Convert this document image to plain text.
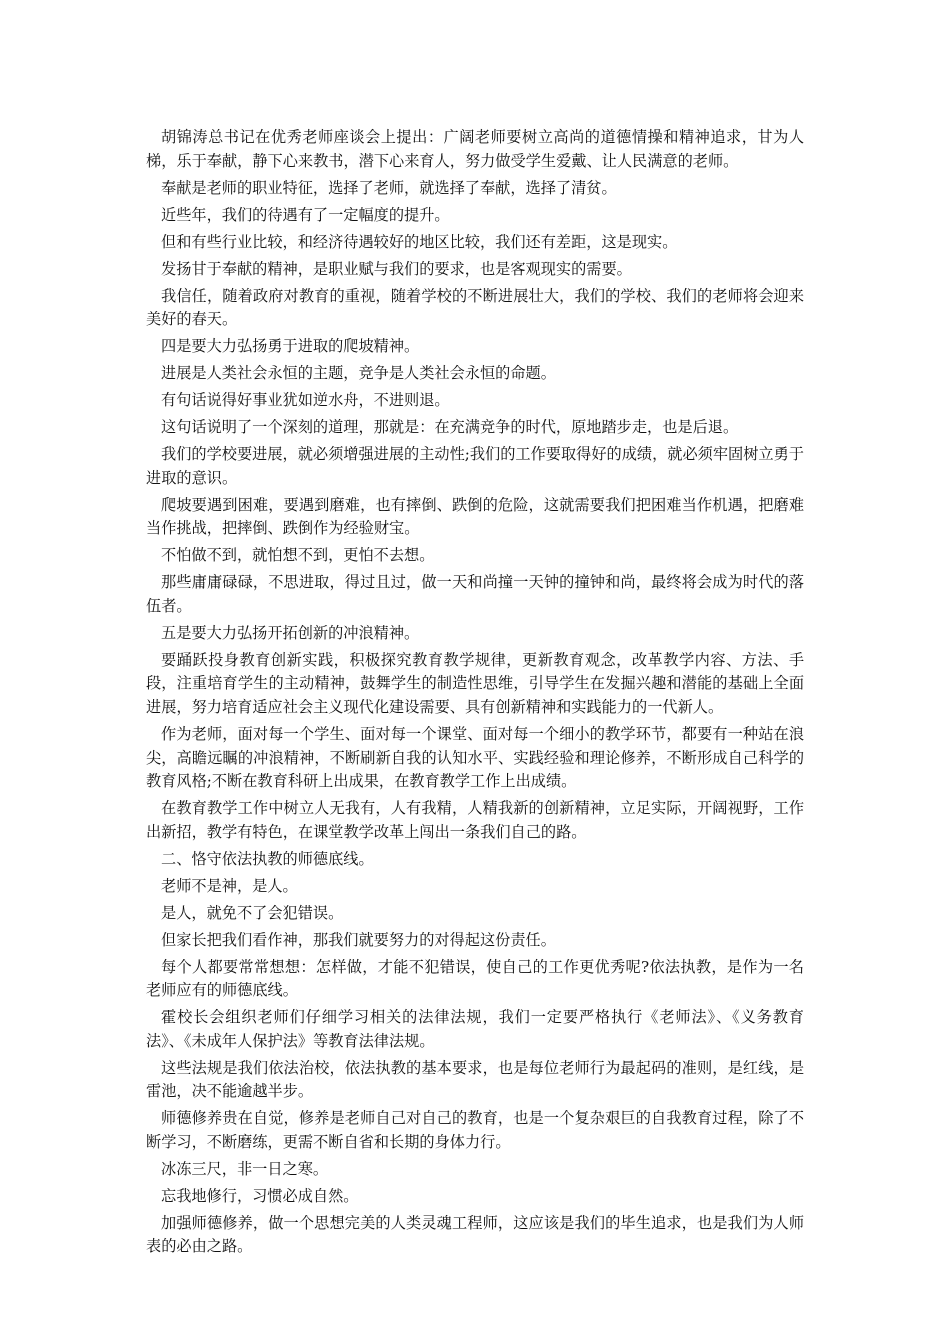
胡锦涛总书记在优秀老师座谈会上提出：广阔老师要树立高尚的道德情操和精神追求，甘为人梯，乐于奉献，静下心来教书，潜下心来育人，努力做受学生爱戴、让人民满意的老师。

奉献是老师的职业特征，选择了老师，就选择了奉献，选择了清贫。

近些年，我们的待遇有了一定幅度的提升。

但和有些行业比较，和经济待遇较好的地区比较，我们还有差距，这是现实。

发扬甘于奉献的精神，是职业赋与我们的要求，也是客观现实的需要。

我信任，随着政府对教育的重视，随着学校的不断进展壮大，我们的学校、我们的老师将会迎来美好的春天。

四是要大力弘扬勇于进取的爬坡精神。

进展是人类社会永恒的主题，竞争是人类社会永恒的命题。

有句话说得好事业犹如逆水舟，不进则退。

这句话说明了一个深刻的道理，那就是：在充满竞争的时代，原地踏步走，也是后退。

我们的学校要进展，就必须增强进展的主动性;我们的工作要取得好的成绩，就必须牢固树立勇于进取的意识。

爬坡要遇到困难，要遇到磨难，也有摔倒、跌倒的危险，这就需要我们把困难当作机遇，把磨难当作挑战，把摔倒、跌倒作为经验财宝。

不怕做不到，就怕想不到，更怕不去想。

那些庸庸碌碌，不思进取，得过且过，做一天和尚撞一天钟的撞钟和尚，最终将会成为时代的落伍者。

五是要大力弘扬开拓创新的冲浪精神。

要踊跃投身教育创新实践，积极探究教育教学规律，更新教育观念，改革教学内容、方法、手段，注重培育学生的主动精神，鼓舞学生的制造性思维，引导学生在发掘兴趣和潜能的基础上全面进展，努力培育适应社会主义现代化建设需要、具有创新精神和实践能力的一代新人。

作为老师，面对每一个学生、面对每一个课堂、面对每一个细小的教学环节，都要有一种站在浪尖，高瞻远瞩的冲浪精神，不断刷新自我的认知水平、实践经验和理论修养，不断形成自己科学的教育风格;不断在教育科研上出成果，在教育教学工作上出成绩。

在教育教学工作中树立人无我有，人有我精，人精我新的创新精神，立足实际，开阔视野，工作出新招，教学有特色，在课堂教学改革上闯出一条我们自己的路。

二、恪守依法执教的师德底线。

老师不是神，是人。

是人，就免不了会犯错误。

但家长把我们看作神，那我们就要努力的对得起这份责任。

每个人都要常常想想：怎样做，才能不犯错误，使自己的工作更优秀呢?依法执教，是作为一名老师应有的师德底线。

霍校长会组织老师们仔细学习相关的法律法规，我们一定要严格执行《老师法》、《义务教育法》、《未成年人保护法》等教育法律法规。

这些法规是我们依法治校，依法执教的基本要求，也是每位老师行为最起码的准则，是红线，是雷池，决不能逾越半步。

师德修养贵在自觉，修养是老师自己对自己的教育，也是一个复杂艰巨的自我教育过程，除了不断学习，不断磨练，更需不断自省和长期的身体力行。

冰冻三尺，非一日之寒。

忘我地修行，习惯必成自然。

加强师德修养，做一个思想完美的人类灵魂工程师，这应该是我们的毕生追求，也是我们为人师表的必由之路。
